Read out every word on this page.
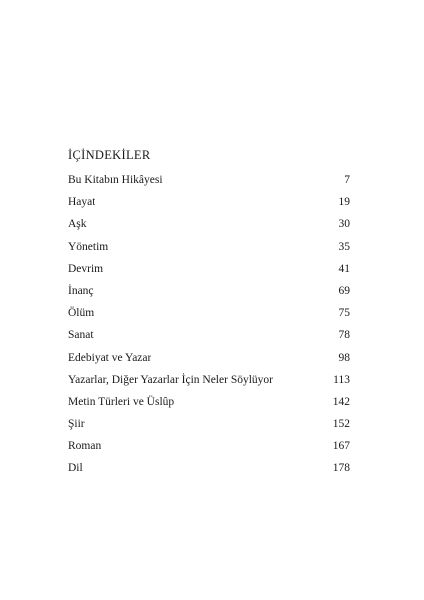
İÇİNDEKİLER
Bu Kitabın Hikâyesi	7
Hayat	19
Aşk	30
Yönetim	35
Devrim	41
İnanç	69
Ölüm	75
Sanat	78
Edebiyat ve Yazar	98
Yazarlar, Diğer Yazarlar İçin Neler Söylüyor	113
Metin Türleri ve Üslûp	142
Şiir	152
Roman	167
Dil	178
